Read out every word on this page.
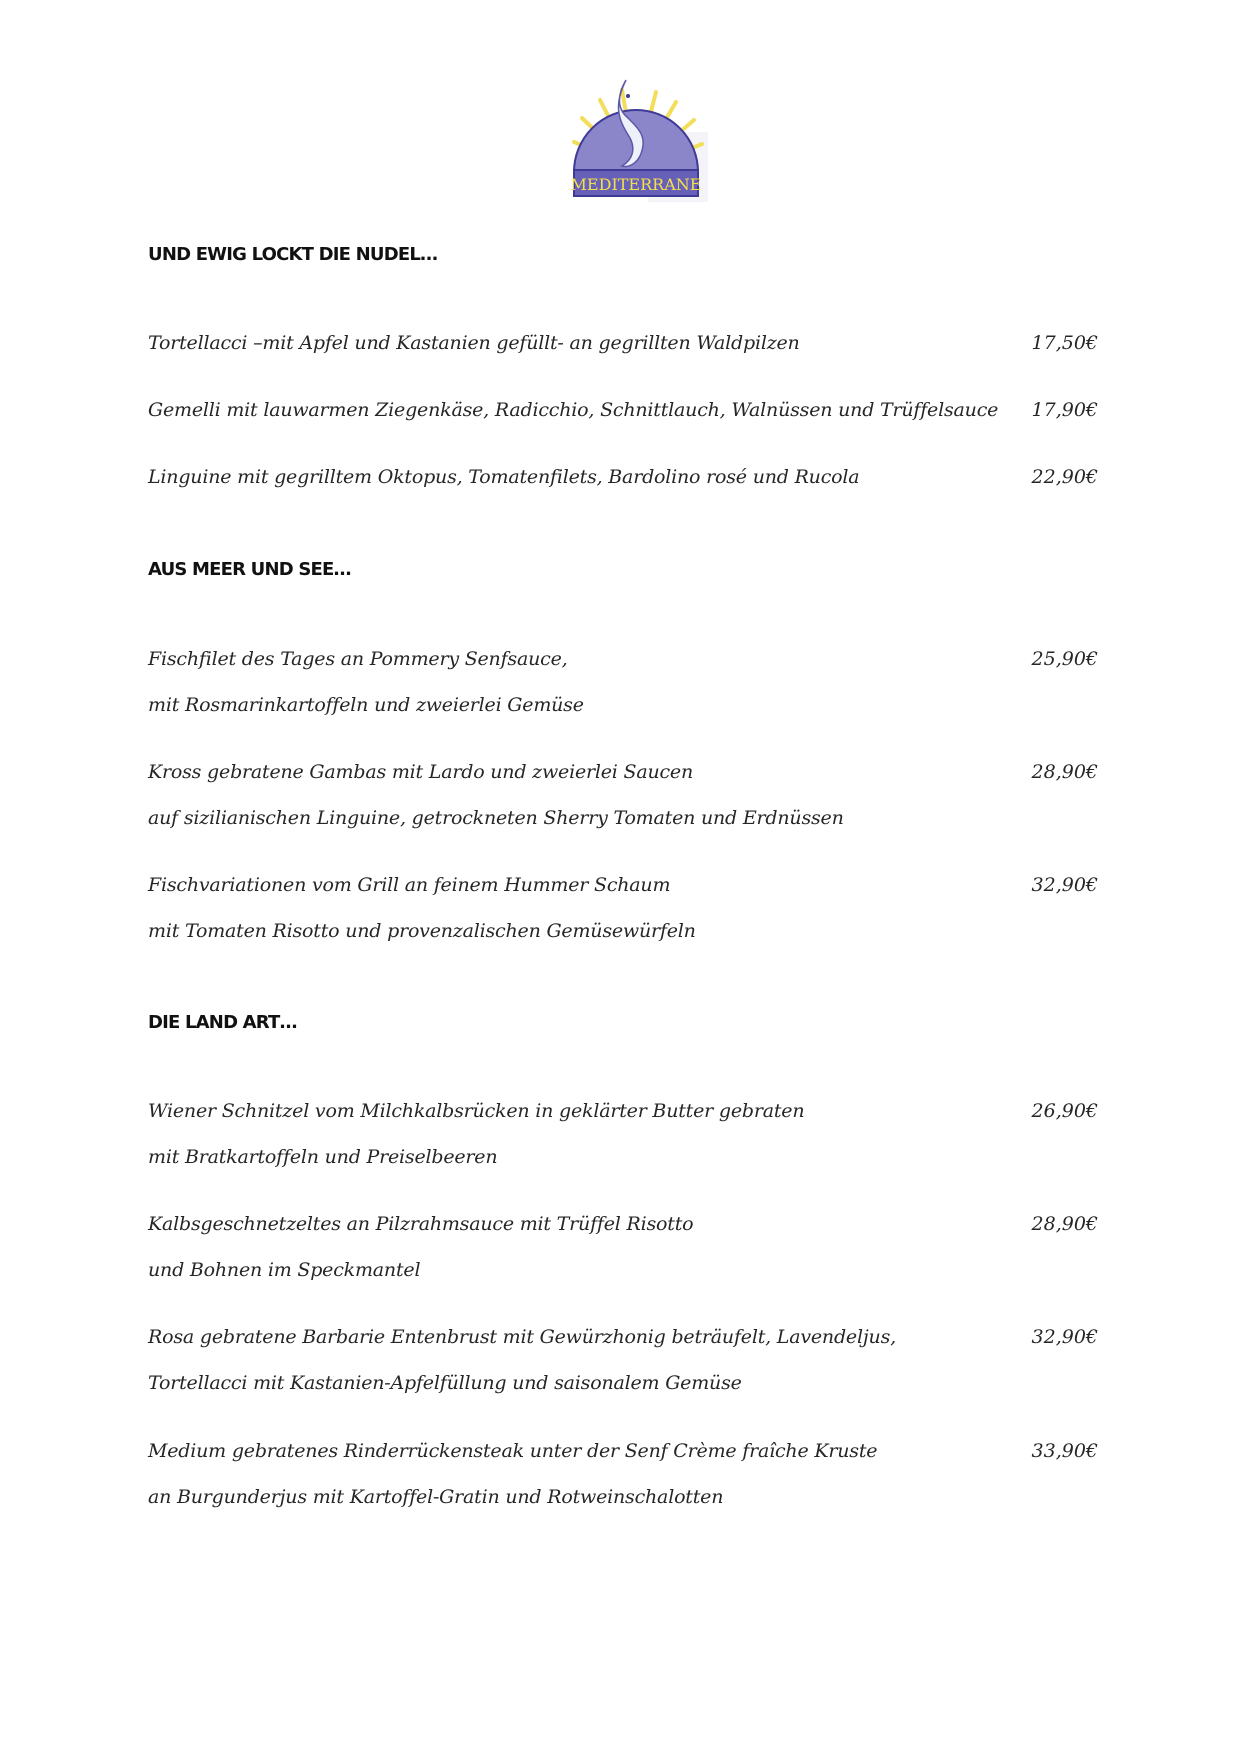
MEDITERRANE
UND EWIG LOCKT DIE NUDEL…
Tortellacci –mit Apfel und Kastanien gefüllt- an gegrillten Waldpilzen	17,50€
Gemelli mit lauwarmen Ziegenkäse, Radicchio, Schnittlauch, Walnüssen und Trüffelsauce 17,90€
Linguine mit gegrilltem Oktopus, Tomatenfilets, Bardolino rosé und Rucola	22,90€
AUS MEER UND SEE…
Fischfilet des Tages an Pommery Senfsauce,	25,90€
mit Rosmarinkartoffeln und zweierlei Gemüse
Kross gebratene Gambas mit Lardo und zweierlei Saucen	28,90€
auf sizilianischen Linguine, getrockneten Sherry Tomaten und Erdnüssen
Fischvariationen vom Grill an feinem Hummer Schaum	32,90€
mit Tomaten Risotto und provenzalischen Gemüsewürfeln
DIE LAND ART…
Wiener Schnitzel vom Milchkalbsrücken in geklärter Butter gebraten	26,90€
mit Bratkartoffeln und Preiselbeeren
Kalbsgeschnetzeltes an Pilzrahmsauce mit Trüffel Risotto	28,90€
und Bohnen im Speckmantel
Rosa gebratene Barbarie Entenbrust mit Gewürzhonig beträufelt, Lavendeljus,	32,90€
Tortellacci mit Kastanien-Apfelfüllung und saisonalem Gemüse
Medium gebratenes Rinderrückensteak unter der Senf Crème fraîche Kruste	33,90€
an Burgunderjus mit Kartoffel-Gratin und Rotweinschalotten
